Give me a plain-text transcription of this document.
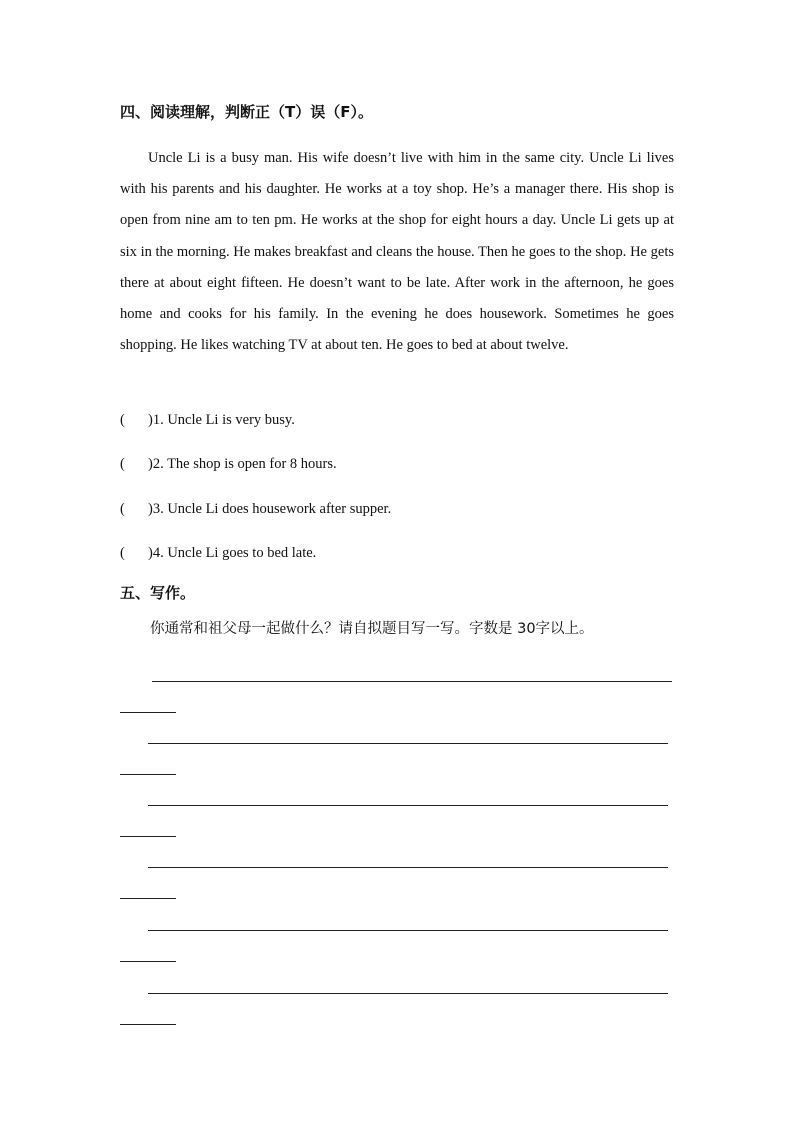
四、阅读理解，判断正（T）误（F）。

Uncle Li is a busy man. His wife doesn’t live with him in the same city. Uncle Li lives with his parents and his daughter. He works at a toy shop. He’s a manager there. His shop is open from nine am to ten pm. He works at the shop for eight hours a day. Uncle Li gets up at six in the morning. He makes breakfast and cleans the house. Then he goes to the shop. He gets there at about eight fifteen. He doesn’t want to be late. After work in the afternoon, he goes home and cooks for his family. In the evening he does housework. Sometimes he goes shopping. He likes watching TV at about ten. He goes to bed at about twelve.

( )1. Uncle Li is very busy.
( )2. The shop is open for 8 hours.
( )3. Uncle Li does housework after supper.
( )4. Uncle Li goes to bed late.
五、写作。
你通常和祖父母一起做什么？请自拟题目写一写。字数是 30字以上。
